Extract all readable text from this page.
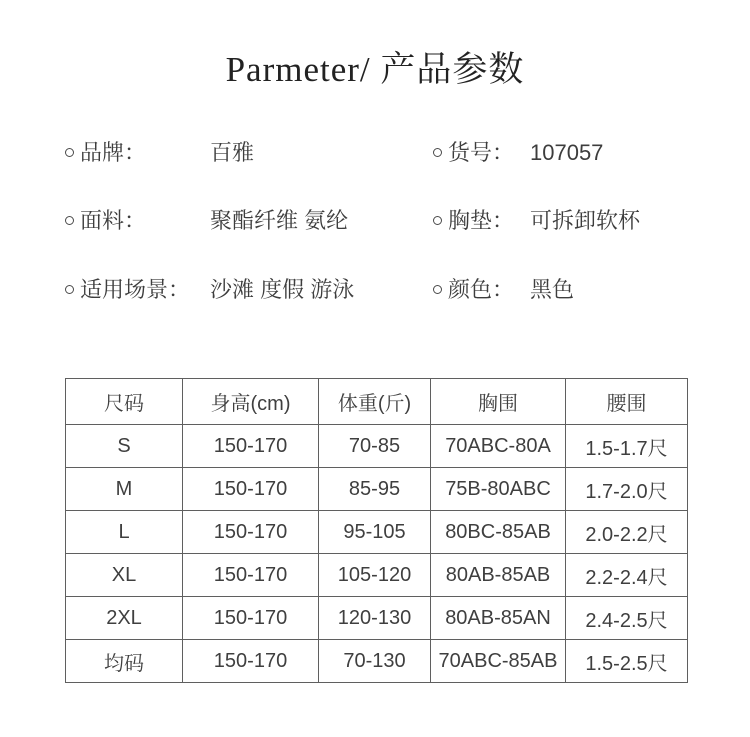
Parmeter/ 产品参数
品牌：	百雅	货号： 107057
面料：	聚酯纤维 氨纶	胸垫： 可拆卸软杯
适用场景： 沙滩 度假 游泳	颜色： 黑色
尺码	身高(cm)	体重(斤)	胸围	腰围
S	150-170	70-85	70ABC-80A	1.5-1.7尺
M	150-170	85-95	75B-80ABC	1.7-2.0尺
L	150-170	95-105	80BC-85AB	2.0-2.2尺
XL	150-170	105-120	80AB-85AB	2.2-2.4尺
2XL	150-170	120-130	80AB-85AN	2.4-2.5尺
均码	150-170	70-130	70ABC-85AB	1.5-2.5尺
